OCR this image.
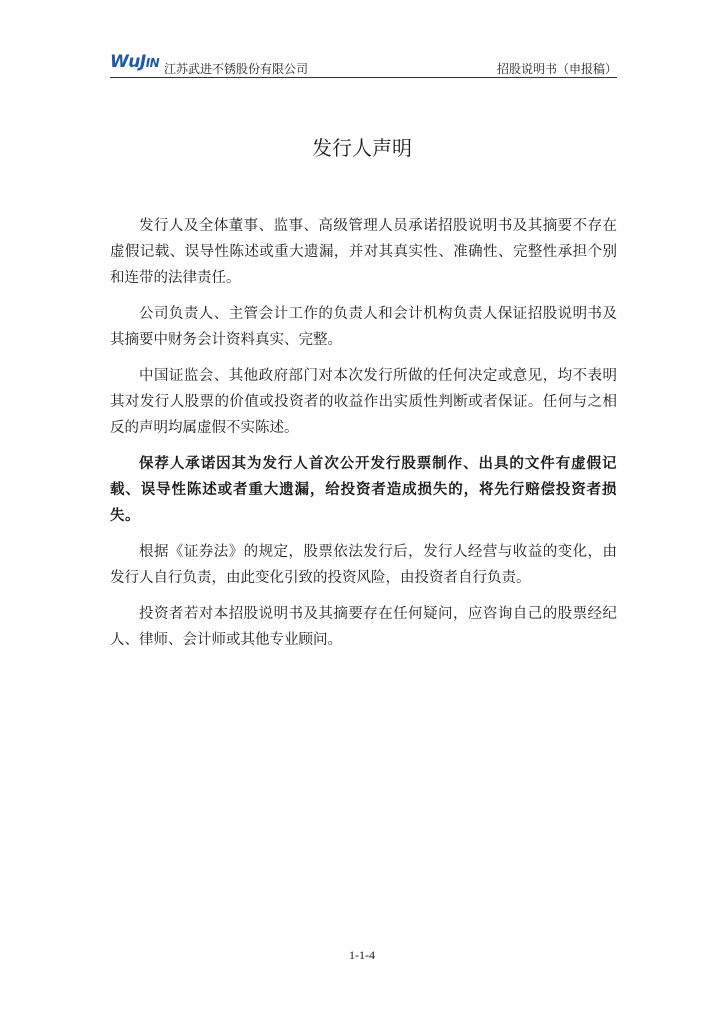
WuJIN 江苏武进不锈股份有限公司	招股说明书（申报稿）
发行人声明

发行人及全体董事、监事、高级管理人员承诺招股说明书及其摘要不存在虚假记载、误导性陈述或重大遗漏，并对其真实性、准确性、完整性承担个别和连带的法律责任。

公司负责人、主管会计工作的负责人和会计机构负责人保证招股说明书及其摘要中财务会计资料真实、完整。

中国证监会、其他政府部门对本次发行所做的任何决定或意见，均不表明其对发行人股票的价值或投资者的收益作出实质性判断或者保证。任何与之相反的声明均属虚假不实陈述。

保荐人承诺因其为发行人首次公开发行股票制作、出具的文件有虚假记载、误导性陈述或者重大遗漏，给投资者造成损失的，将先行赔偿投资者损失。

根据《证券法》的规定，股票依法发行后，发行人经营与收益的变化，由发行人自行负责，由此变化引致的投资风险，由投资者自行负责。

投资者若对本招股说明书及其摘要存在任何疑问，应咨询自己的股票经纪人、律师、会计师或其他专业顾问。

1-1-4
